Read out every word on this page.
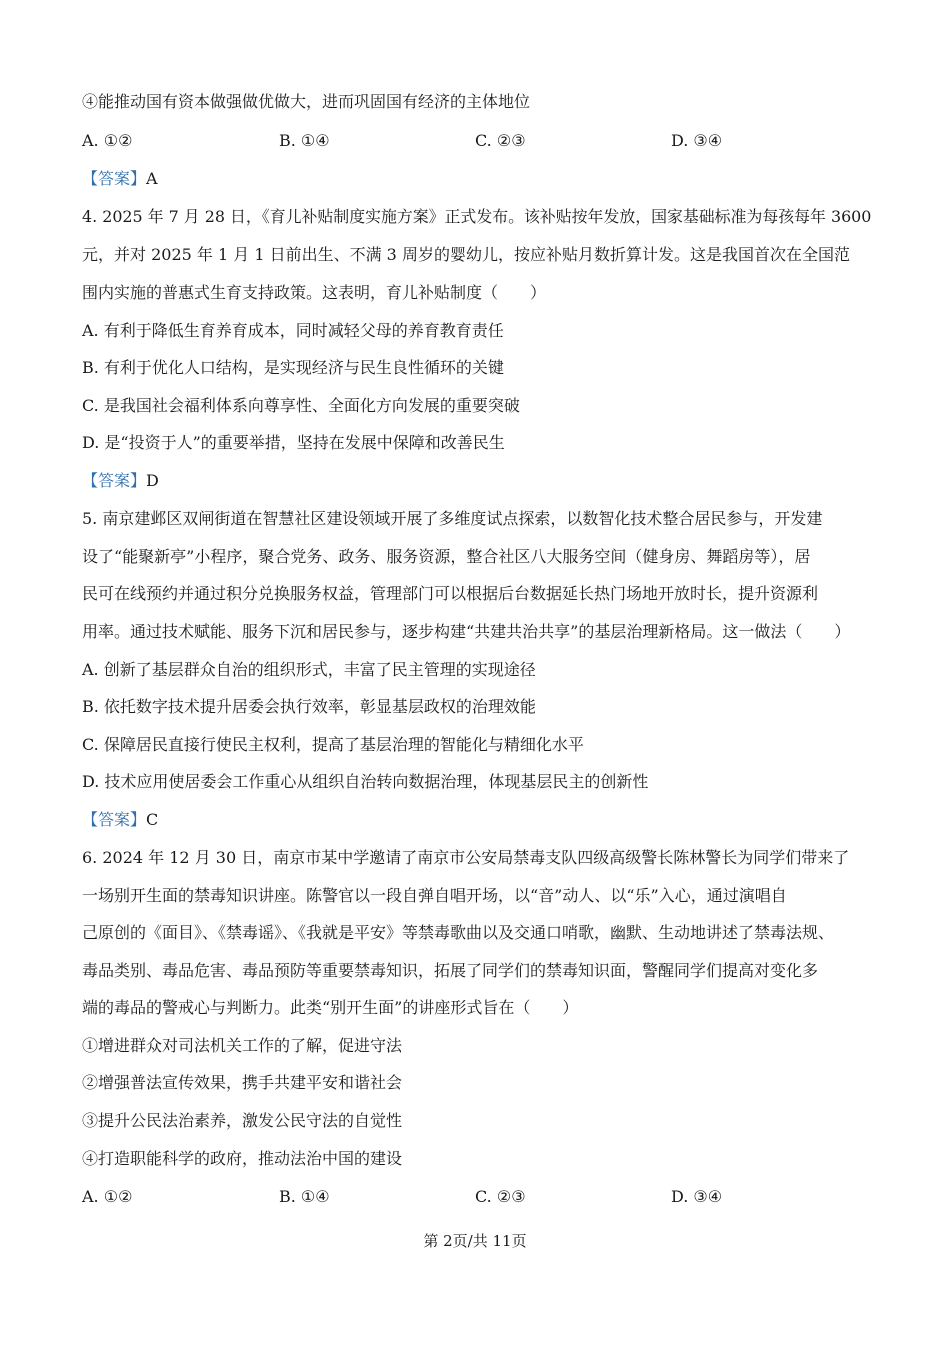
④能推动国有资本做强做优做大，进而巩固国有经济的主体地位
A. ①②	B. ①④	C. ②③	D. ③④
【答案】A
4. 2025 年 7 月 28 日，《育儿补贴制度实施方案》正式发布。该补贴按年发放，国家基础标准为每孩每年 3600
元，并对 2025 年 1 月 1 日前出生、不满 3 周岁的婴幼儿，按应补贴月数折算计发。这是我国首次在全国范
围内实施的普惠式生育支持政策。这表明，育儿补贴制度（　　）
A. 有利于降低生育养育成本，同时减轻父母的养育教育责任
B. 有利于优化人口结构，是实现经济与民生良性循环的关键
C. 是我国社会福利体系向尊享性、全面化方向发展的重要突破
D. 是“投资于人”的重要举措，坚持在发展中保障和改善民生
【答案】D
5. 南京建邺区双闸街道在智慧社区建设领域开展了多维度试点探索，以数智化技术整合居民参与，开发建
设了“能聚新亭”小程序，聚合党务、政务、服务资源，整合社区八大服务空间（健身房、舞蹈房等），居
民可在线预约并通过积分兑换服务权益，管理部门可以根据后台数据延长热门场地开放时长，提升资源利
用率。通过技术赋能、服务下沉和居民参与，逐步构建“共建共治共享”的基层治理新格局。这一做法（　　）
A. 创新了基层群众自治的组织形式，丰富了民主管理的实现途径
B. 依托数字技术提升居委会执行效率，彰显基层政权的治理效能
C. 保障居民直接行使民主权利，提高了基层治理的智能化与精细化水平
D. 技术应用使居委会工作重心从组织自治转向数据治理，体现基层民主的创新性
【答案】C
6. 2024 年 12 月 30 日，南京市某中学邀请了南京市公安局禁毒支队四级高级警长陈林警长为同学们带来了
一场别开生面的禁毒知识讲座。陈警官以一段自弹自唱开场，以“音”动人、以“乐”入心，通过演唱自
己原创的《面目》、《禁毒谣》、《我就是平安》等禁毒歌曲以及交通口哨歌，幽默、生动地讲述了禁毒法规、
毒品类别、毒品危害、毒品预防等重要禁毒知识，拓展了同学们的禁毒知识面，警醒同学们提高对变化多
端的毒品的警戒心与判断力。此类“别开生面”的讲座形式旨在（　　）
①增进群众对司法机关工作的了解，促进守法
②增强普法宣传效果，携手共建平安和谐社会
③提升公民法治素养，激发公民守法的自觉性
④打造职能科学的政府，推动法治中国的建设
A. ①②	B. ①④	C. ②③	D. ③④
第 2页/共 11页
